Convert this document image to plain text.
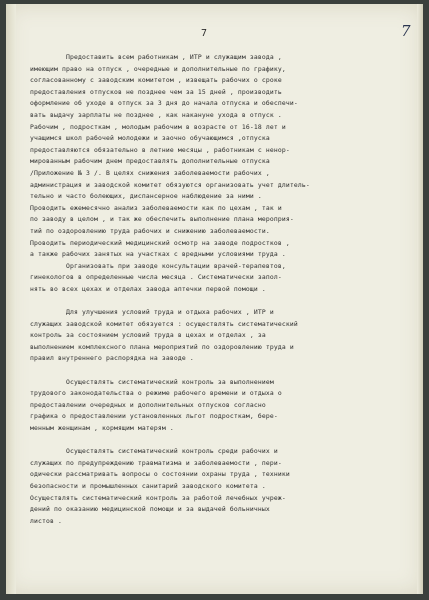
7	7
Предоставить всем работникам , ИТР и служащим завода ,
имеющим право на отпуск , очередные и дополнительные по графику,
согласованному с заводским комитетом , извещать рабочих о сроке
предоставления отпусков не позднее чем за 15 дней , производить
оформление об уходе в отпуск за 3 дня до начала отпуска и обеспечи-
вать выдачу зарплаты не позднее , как накануне ухода в отпуск .
Рабочим , подросткам , молодым рабочим в возрасте от 16-18 лет и
учащимся школ рабочей молодежи и заочно обучающимся ,отпуска
предоставляются обязательно в летние месяцы , работникам с ненор-
мированным рабочим днем предоставлять дополнительные отпуска
/Приложение № 3 /. В целях снижения заболеваемости рабочих ,
администрация и заводской комитет обязуются организовать учет длитель-
тельно и часто болеющих, диспансерное наблюдение за ними .
Проводить ежемесячно анализ заболеваемости как по цехам , так и
по заводу в целом , и так же обеспечить выполнение плана мероприя-
тий по оздоровлению труда рабочих и снижению заболеваемости.
Проводить периодический медицинский осмотр на заводе подростков ,
а также рабочих занятых на участках с вредными условиями труда .
Организовать при заводе консультации врачей-терапевтов,
гинекологов в определенные числа месяца . Систематически запол-
нять во всех цехах и отделах завода аптечки первой помощи .
Для улучшения условий труда и отдыха рабочих , ИТР и
служащих заводской комитет обязуется : осуществлять систематический
контроль за состоянием условий труда в цехах и отделах , за
выполнением комплексного плана мероприятий по оздоровлению труда и
правил внутреннего распорядка на заводе .
Осуществлять систематический контроль за выполнением
трудового законодательства о режиме рабочего времени и отдыха о
предоставлении очередных и дополнительных отпусков согласно
графика о предоставлении установленных льгот подросткам, бере-
менным женщинам , кормящим матерям .
Осуществлять систематический контроль среди рабочих и
служащих по предупреждению травматизма и заболеваемости , пери-
одически рассматривать вопросы о состоянии охраны труда , техники
безопасности и промышленных санитарий заводского комитета .
Осуществлять систематический контроль за работой лечебных учреж-
дений по оказанию медицинской помощи и за выдачей больничных
листов .
